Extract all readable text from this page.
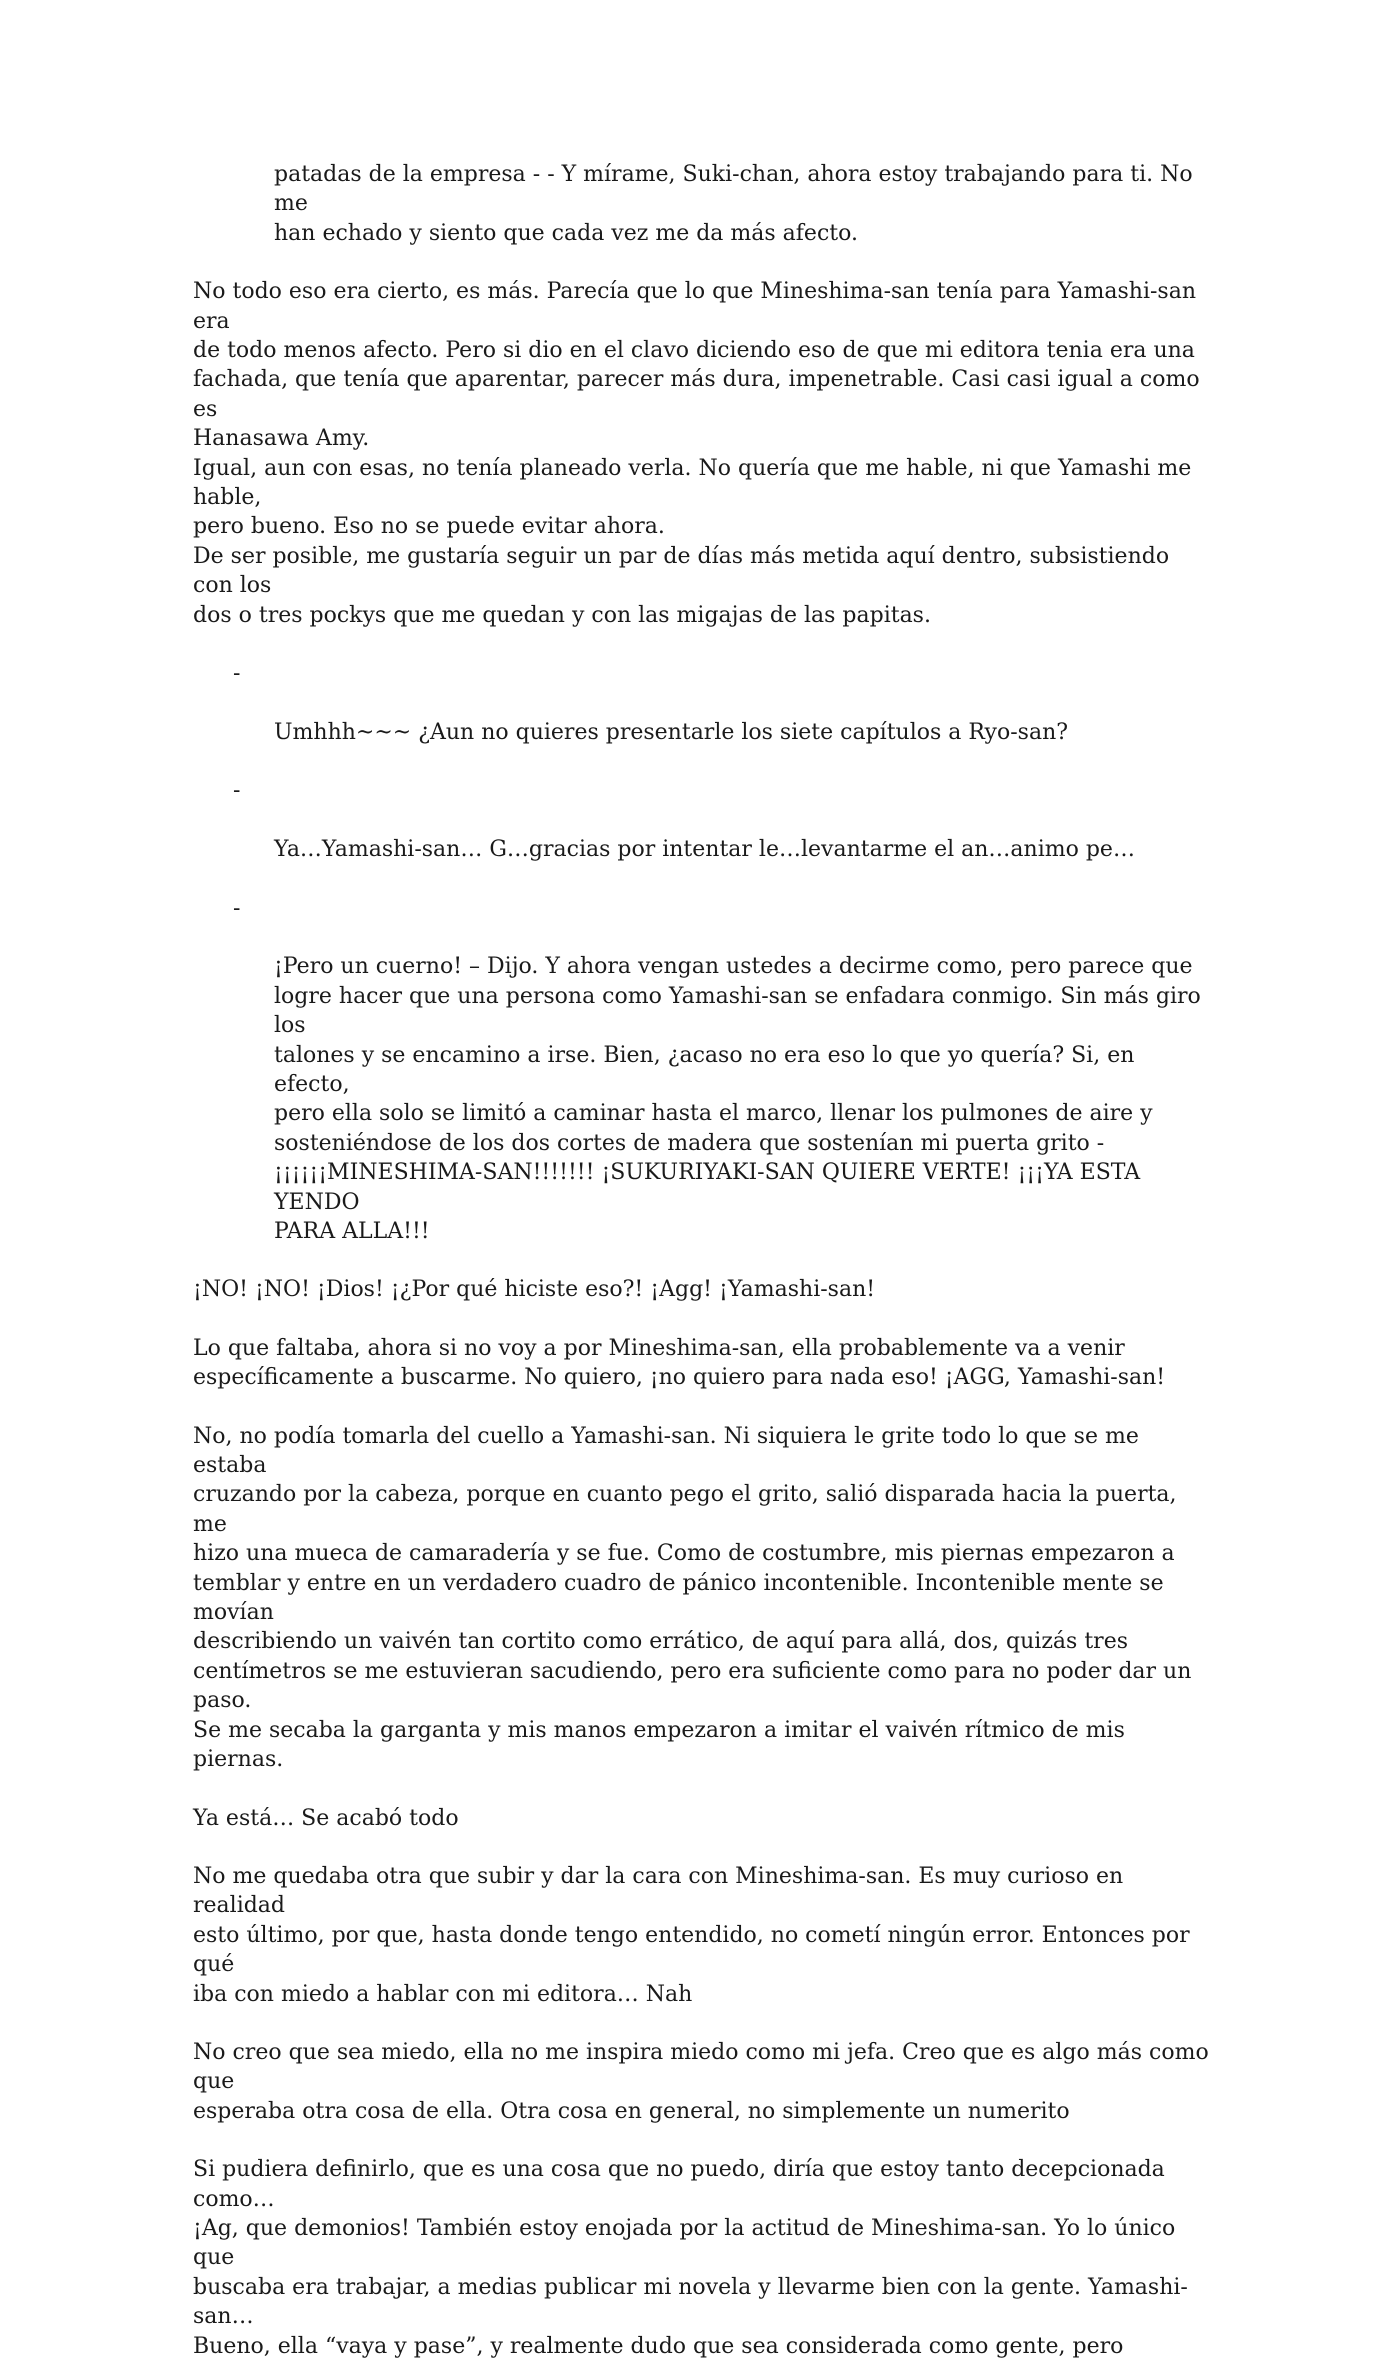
patadas de la empresa - - Y mírame, Suki-chan, ahora estoy trabajando para ti. No me
han echado y siento que cada vez me da más afecto.

No todo eso era cierto, es más. Parecía que lo que Mineshima-san tenía para Yamashi-san era
de todo menos afecto. Pero si dio en el clavo diciendo eso de que mi editora tenia era una
fachada, que tenía que aparentar, parecer más dura, impenetrable. Casi casi igual a como es
Hanasawa Amy.

Igual, aun con esas, no tenía planeado verla. No quería que me hable, ni que Yamashi me hable,
pero bueno. Eso no se puede evitar ahora.

De ser posible, me gustaría seguir un par de días más metida aquí dentro, subsistiendo con los
dos o tres pockys que me quedan y con las migajas de las papitas.

-

Umhhh~~~ ¿Aun no quieres presentarle los siete capítulos a Ryo-san?

-

Ya…Yamashi-san… G…gracias por intentar le…levantarme el an…animo pe…

-

¡Pero un cuerno! – Dijo. Y ahora vengan ustedes a decirme como, pero parece que
logre hacer que una persona como Yamashi-san se enfadara conmigo. Sin más giro los
talones y se encamino a irse. Bien, ¿acaso no era eso lo que yo quería? Si, en efecto,
pero ella solo se limitó a caminar hasta el marco, llenar los pulmones de aire y
sosteniéndose de los dos cortes de madera que sostenían mi puerta grito -
¡¡¡¡¡¡MINESHIMA-SAN!!!!!!! ¡SUKURIYAKI-SAN QUIERE VERTE! ¡¡¡YA ESTA YENDO
PARA ALLA!!!

¡NO! ¡NO! ¡Dios! ¡¿Por qué hiciste eso?! ¡Agg! ¡Yamashi-san!

Lo que faltaba, ahora si no voy a por Mineshima-san, ella probablemente va a venir
específicamente a buscarme. No quiero, ¡no quiero para nada eso! ¡AGG, Yamashi-san!

No, no podía tomarla del cuello a Yamashi-san. Ni siquiera le grite todo lo que se me estaba
cruzando por la cabeza, porque en cuanto pego el grito, salió disparada hacia la puerta, me
hizo una mueca de camaradería y se fue. Como de costumbre, mis piernas empezaron a
temblar y entre en un verdadero cuadro de pánico incontenible. Incontenible mente se movían
describiendo un vaivén tan cortito como errático, de aquí para allá, dos, quizás tres
centímetros se me estuvieran sacudiendo, pero era suficiente como para no poder dar un paso.
Se me secaba la garganta y mis manos empezaron a imitar el vaivén rítmico de mis piernas.

Ya está… Se acabó todo

No me quedaba otra que subir y dar la cara con Mineshima-san. Es muy curioso en realidad
esto último, por que, hasta donde tengo entendido, no cometí ningún error. Entonces por qué
iba con miedo a hablar con mi editora… Nah

No creo que sea miedo, ella no me inspira miedo como mi jefa. Creo que es algo más como que
esperaba otra cosa de ella. Otra cosa en general, no simplemente un numerito

Si pudiera definirlo, que es una cosa que no puedo, diría que estoy tanto decepcionada como…
¡Ag, que demonios! También estoy enojada por la actitud de Mineshima-san. Yo lo único que
buscaba era trabajar, a medias publicar mi novela y llevarme bien con la gente. Yamashi-san…
Bueno, ella “vaya y pase”, y realmente dudo que sea considerada como gente, pero
